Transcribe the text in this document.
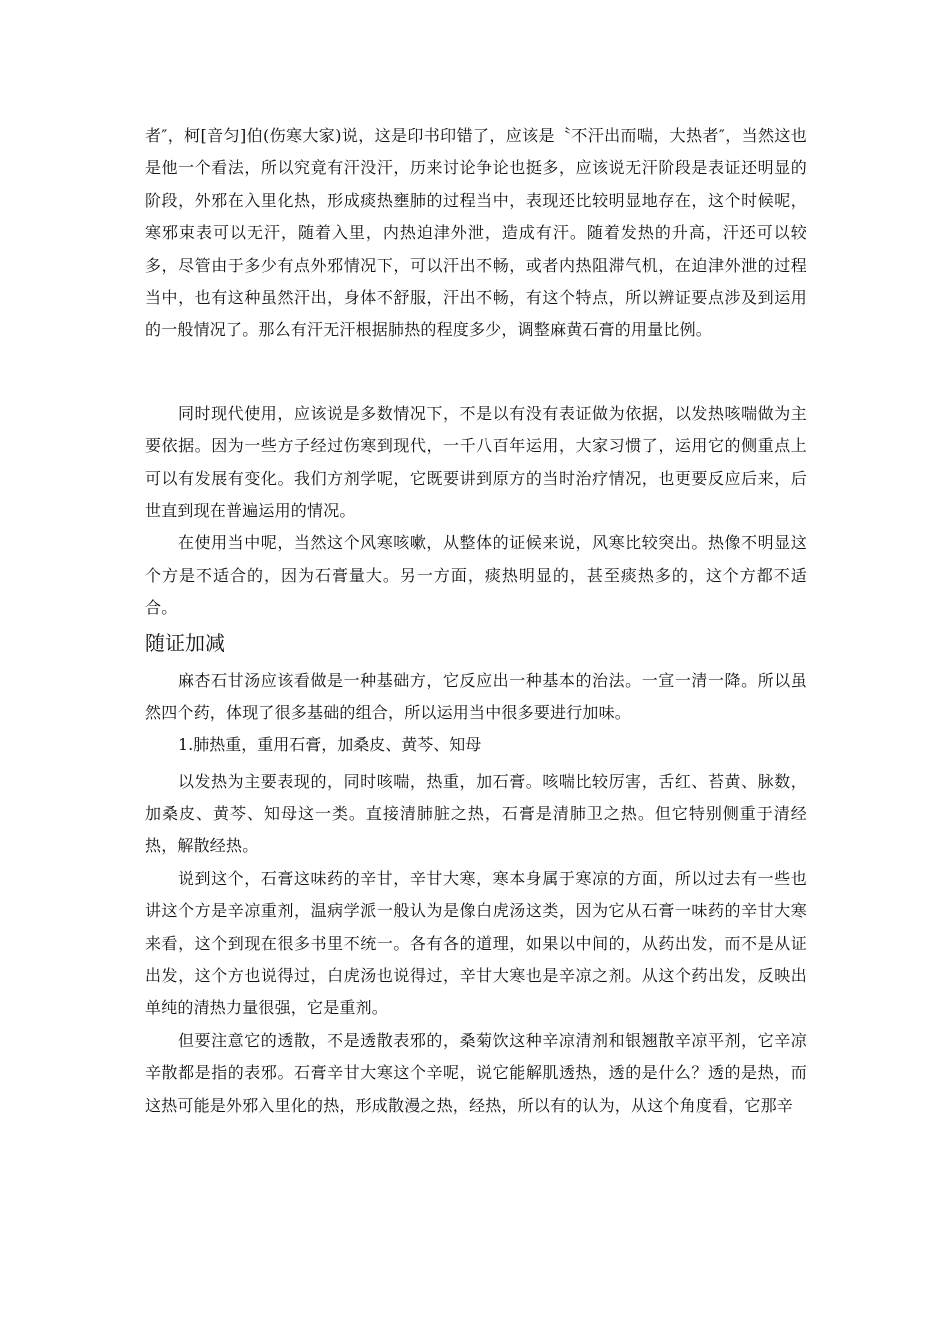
者″，柯[音匀]伯(伤寒大家)说，这是印书印错了，应该是〝不汗出而喘，大热者″，当然这也是他一个看法，所以究竟有汗没汗，历来讨论争论也挺多，应该说无汗阶段是表证还明显的阶段，外邪在入里化热，形成痰热壅肺的过程当中，表现还比较明显地存在，这个时候呢，寒邪束表可以无汗，随着入里，内热迫津外泄，造成有汗。随着发热的升高，汗还可以较多，尽管由于多少有点外邪情况下，可以汗出不畅，或者内热阻滞气机，在迫津外泄的过程当中，也有这种虽然汗出，身体不舒服，汗出不畅，有这个特点，所以辨证要点涉及到运用的一般情况了。那么有汗无汗根据肺热的程度多少，调整麻黄石膏的用量比例。

同时现代使用，应该说是多数情况下，不是以有没有表证做为依据，以发热咳喘做为主要依据。因为一些方子经过伤寒到现代，一千八百年运用，大家习惯了，运用它的侧重点上可以有发展有变化。我们方剂学呢，它既要讲到原方的当时治疗情况，也更要反应后来，后世直到现在普遍运用的情况。

在使用当中呢，当然这个风寒咳嗽，从整体的证候来说，风寒比较突出。热像不明显这个方是不适合的，因为石膏量大。另一方面，痰热明显的，甚至痰热多的，这个方都不适合。

随证加减

麻杏石甘汤应该看做是一种基础方，它反应出一种基本的治法。一宣一清一降。所以虽然四个药，体现了很多基础的组合，所以运用当中很多要进行加味。

1.肺热重，重用石膏，加桑皮、黄芩、知母

以发热为主要表现的，同时咳喘，热重，加石膏。咳喘比较厉害，舌红、苔黄、脉数，加桑皮、黄芩、知母这一类。直接清肺脏之热，石膏是清肺卫之热。但它特别侧重于清经热，解散经热。

说到这个，石膏这味药的辛甘，辛甘大寒，寒本身属于寒凉的方面，所以过去有一些也讲这个方是辛凉重剂，温病学派一般认为是像白虎汤这类，因为它从石膏一味药的辛甘大寒来看，这个到现在很多书里不统一。各有各的道理，如果以中间的，从药出发，而不是从证出发，这个方也说得过，白虎汤也说得过，辛甘大寒也是辛凉之剂。从这个药出发，反映出单纯的清热力量很强，它是重剂。

但要注意它的透散，不是透散表邪的，桑菊饮这种辛凉清剂和银翘散辛凉平剂，它辛凉辛散都是指的表邪。石膏辛甘大寒这个辛呢，说它能解肌透热，透的是什么？透的是热，而这热可能是外邪入里化的热，形成散漫之热，经热，所以有的认为，从这个角度看，它那辛
